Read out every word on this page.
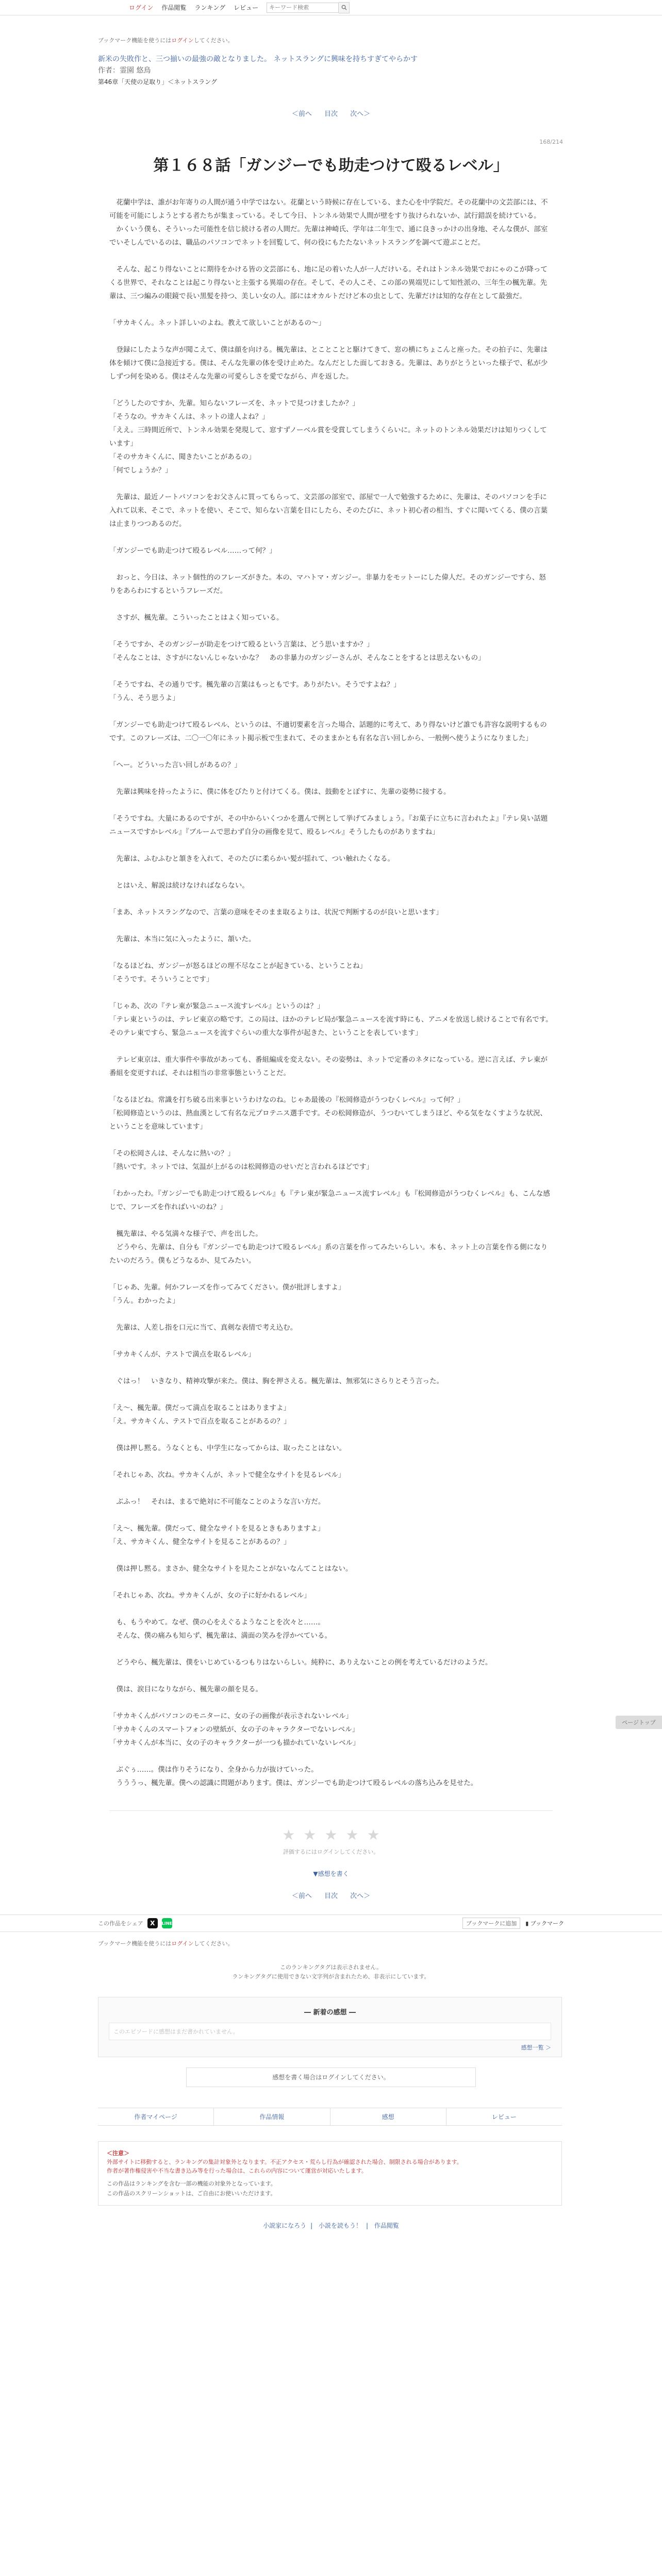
ログイン 作品閲覧 ランキング レビュー
キーワード検索
ブックマーク機能を使うにはログインしてください。
新米の失敗作と、三つ揃いの最強の敵となりました。 ネットスラングに興味を持ちすぎてやらかす
作者：霊園 悠鳥
第46章「天使の足取り」＜ネットスラング
＜前へ 目次 次へ＞
168/214
第１６８話「ガンジーでも助走つけて殴るレベル」

　花蘭中学は、誰がお年寄りの人間が通う中学ではない。花蘭という時候に存在している、また心を中学院だ。その花蘭中の文芸部には、不可能を可能にしようとする者たちが集まっている。そして今日、トンネル効果で人間が壁をすり抜けられないか、試行錯誤を続けている。

　かくいう僕も、そういった可能性を信じ続ける者の人間だ。先輩は神崎氏、学年は二年生で、通に良きっかけの出身地、そんな僕が、部室でいそしんでいるのは、職品のパソコンでネットを回覧して、何の役にもたたないネットスラングを調べて遊ぶことだ。

　そんな、起こり得ないことに期待をかける皆の文芸部にも、地に足の着いた人が一人だけいる。それはトンネル効果でおにゃのこが降ってくる世界で、それなことは起こり得ないと主張する異端の存在。そして、その人こそ、この部の異端児にして知性派の、三年生の楓先輩。先輩は、三つ編みの眼鏡で長い黒髪を持つ、美しい女の人。部にはオカルトだけど本の虫として、先輩だけは知的な存在として最強だ。

「サカキくん。ネット詳しいのよね。教えて欲しいことがあるの～」

　登録にしたような声が聞こえて、僕は顔を向ける。楓先輩は、とことことと駆けてきて、窓の横にちょこんと座った。その拍子に、先輩は体を傾けて僕に急接近する。僕は、そんな先輩の体を受け止めた。なんだとした面しておきる。先輩は、ありがとうといった様子で、私が少しずつ何を染める。僕はそんな先輩の可愛らしさを愛でながら、声を返した。

「どうしたのですか、先輩。知らないフレーズを、ネットで見つけましたか？」

「そうなの。サカキくんは、ネットの達人よね？」

「ええ。三時間近所で、トンネル効果を発現して、窓すずノーベル賞を受賞してしまうくらいに。ネットのトンネル効果だけは知りつくしています」

「そのサカキくんに、聞きたいことがあるの」

「何でしょうか？」

　先輩は、最近ノートパソコンをお父さんに買ってもらって、文芸部の部室で、部屋で一人で勉強するために、先輩は、そのパソコンを手に入れて以来、そこで、ネットを使い、そこで、知らない言葉を目にしたら、そのたびに、ネット初心者の相当、すぐに聞いてくる、僕の言葉は止まりつつあるのだ。

「ガンジーでも助走つけて殴るレベル……って何？」

　おっと、今日は、ネット個性的のフレーズがきた。本の、マハトマ・ガンジー。非暴力をモットーにした偉人だ。そのガンジーですら、怒りをあらわにするというフレーズだ。

　さすが、楓先輩。こういったことはよく知っている。

「そうですか、そのガンジーが助走をつけて殴るという言葉は、どう思いますか？」

「そんなことは、さすがにないんじゃないかな？　あの非暴力のガンジーさんが、そんなことをするとは思えないもの」

「そうですね、その通りです。楓先輩の言葉はもっともです。ありがたい。そうですよね？」

「うん、そう思うよ」

「ガンジーでも助走つけて殴るレベル、というのは、不適切要素を言った場合、話題的に考えて、あり得ないけど誰でも許容な説明するものです。このフレーズは、二〇一〇年にネット掲示板で生まれて、そのままかとも有名な言い回しから、一般例へ使うようになりました」

「へー。どういった言い回しがあるの？」

　先輩は興味を持ったように、僕に体をびたりと付けてくる。僕は、鼓動をとぼすに、先輩の姿勢に接する。

「そうですね。大量にあるのですが、その中からいくつかを選んで例として挙げてみましょう。『お菓子に立ちに言われたよ』『テレ臭い話題ニュースですかレベル』『ブルームで思わず自分の画像を見て、殴るレベル』そうしたものがありますね」

　先輩は、ふむふむと頷きを入れて、そのたびに柔らかい髪が揺れて、つい触れたくなる。

　とはいえ、解説は続けなければならない。

「まあ、ネットスラングなので、言葉の意味をそのまま取るよりは、状況で判断するのが良いと思います」

　先輩は、本当に気に入ったように、頷いた。

「なるほどね、ガンジーが怒るほどの理不尽なことが起きている、ということね」

「そうです。そういうことです」

「じゃあ、次の『テレ東が緊急ニュース流すレベル』というのは？」

「テレ東というのは、テレビ東京の略です。この局は、ほかのテレビ局が緊急ニュースを流す時にも、アニメを放送し続けることで有名です。そのテレ東ですら、緊急ニュースを流すぐらいの重大な事件が起きた、ということを表しています」

　テレビ東京は、重大事件や事故があっても、番組編成を変えない。その姿勢は、ネットで定番のネタになっている。逆に言えば、テレ東が番組を変更すれば、それは相当の非常事態ということだ。

「なるほどね。常識を打ち破る出来事というわけなのね。じゃあ最後の『松岡修造がうつむくレベル』って何？」

「松岡修造というのは、熱血漢として有名な元プロテニス選手です。その松岡修造が、うつむいてしまうほど、やる気をなくすような状況、ということを意味しています」

「その松岡さんは、そんなに熱いの？」

「熱いです。ネットでは、気温が上がるのは松岡修造のせいだと言われるほどです」

「わかったわ。『ガンジーでも助走つけて殴るレベル』も『テレ東が緊急ニュース流すレベル』も『松岡修造がうつむくレベル』も、こんな感じで、フレーズを作ればいいのね？」

　楓先輩は、やる気満々な様子で、声を出した。

　どうやら、先輩は、自分も『ガンジーでも助走つけて殴るレベル』系の言葉を作ってみたいらしい。本も、ネット上の言葉を作る側になりたいのだろう。僕もどうなるか、見てみたい。

「じゃあ、先輩。何かフレーズを作ってみてください。僕が批評しますよ」

「うん。わかったよ」

　先輩は、人差し指を口元に当て、真剣な表情で考え込む。

「サカキくんが、テストで満点を取るレベル」

　ぐはっ！　いきなり、精神攻撃が来た。僕は、胸を押さえる。楓先輩は、無邪気にさらりとそう言った。

「え～、楓先輩。僕だって満点を取ることはありますよ」

「え。サカキくん、テストで百点を取ることがあるの？」

　僕は押し黙る。うなくとも、中学生になってからは、取ったことはない。

「それじゃあ、次ね。サカキくんが、ネットで健全なサイトを見るレベル」

　ぶふっ！　それは、まるで絶対に不可能なことのような言い方だ。

「え～、楓先輩。僕だって、健全なサイトを見るときもありますよ」

「え、サカキくん、健全なサイトを見ることがあるの？」

　僕は押し黙る。まさか、健全なサイトを見たことがないなんてことはない。

「それじゃあ、次ね。サカキくんが、女の子に好かれるレベル」

　も、もうやめて。なぜ、僕の心をえぐるようなことを次々と……。

　そんな、僕の痛みも知らず、楓先輩は、満面の笑みを浮かべている。

　どうやら、楓先輩は、僕をいじめているつもりはないらしい。純粋に、ありえないことの例を考えているだけのようだ。

　僕は、涙目になりながら、楓先輩の顔を見る。

「サカキくんがパソコンのモニターに、女の子の画像が表示されないレベル」

「サカキくんのスマートフォンの壁紙が、女の子のキャラクターでないレベル」

「サカキくんが本当に、女の子のキャラクターが一つも描かれていないレベル」

　ぶぐぅ……。僕は作りそうになり、全身から力が抜けていった。

　うううっ、楓先輩。僕への認識に問題があります。僕は、ガンジーでも助走つけて殴るレベルの落ち込みを見せた。

ページトップ
★ ★ ★ ★ ★
評価するにはログインしてください。
▼感想を書く
＜前へ 目次 次へ＞
この作品をシェア	X	LINE	ブックマークに追加	▮ ブックマーク
ブックマーク機能を使うにはログインしてください。
このランキングタグは表示されません。
ランキングタグに使用できない文字列が含まれたため、非表示にしています。
― 新着の感想 ―
このエピソードに感想はまだ書かれていません。
感想一覧 ＞
感想を書く場合はログインしてください。
作者マイページ	作品情報	感想	レビュー
＜注意＞
外部サイトに移動すると、ランキングの集計対象外となります。不正アクセス・荒らし行為が確認された場合、制限される場合があります。
作者が著作権侵害や不当な書き込み等を行った場合は、これらの内容について運営が対応いたします。
この作品はランキングを含む一部の機能の対象外となっています。
この作品のスクリーンショットは、ご自由にお使いいただけます。
小説家になろう | 小説を読もう！ | 作品閲覧
